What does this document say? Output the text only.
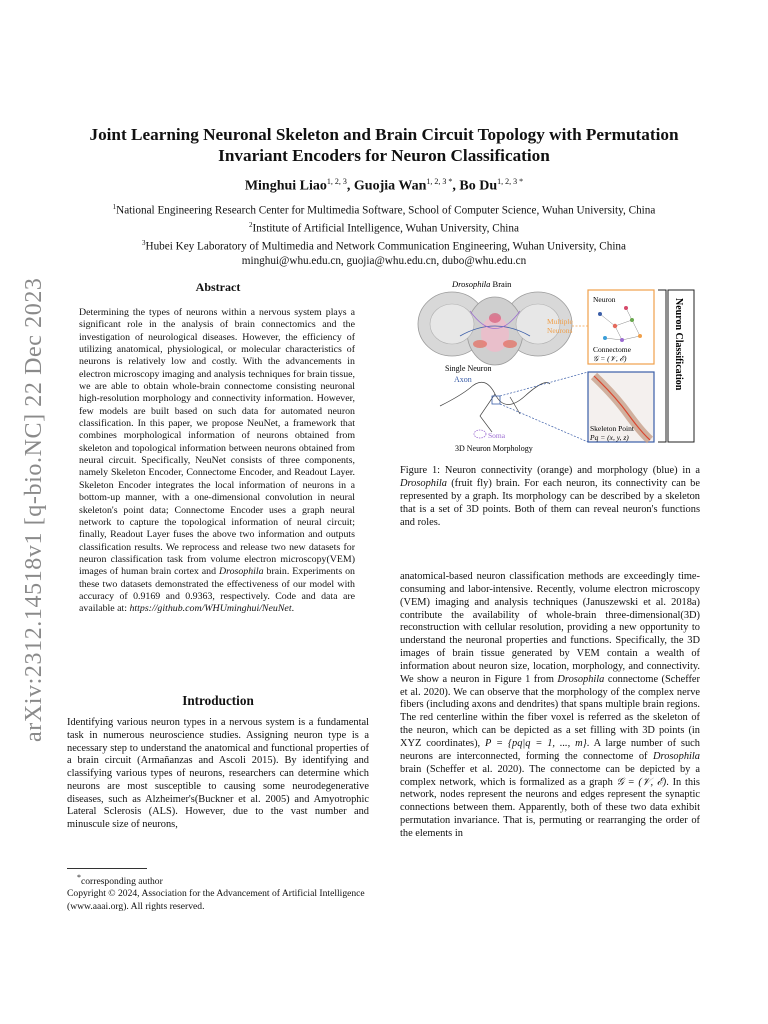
arXiv:2312.14518v1 [q-bio.NC] 22 Dec 2023
Joint Learning Neuronal Skeleton and Brain Circuit Topology with Permutation Invariant Encoders for Neuron Classification
Minghui Liao$^{1, 2, 3}$, Guojia Wan$^{1, 2, 3 *}$, Bo $Du^{1, 2, 3 *}$
$^1$National Engineering Research Center for Multimedia Software, School of Computer Science, Wuhan University, China
$^2$Institute of Artificial Intelligence, Wuhan University, China
$^3$Hubei Key Laboratory of Multimedia and Network Communication Engineering, Wuhan University, China
minghui@whu.edu.cn, guojia@whu.edu.cn, dubo@whu.edu.cn
Abstract
Determining the types of neurons within a nervous system plays a significant role in the analysis of brain connectomics and the investigation of neurological diseases. However, the efficiency of utilizing anatomical, physiological, or molecular characteristics of neurons is relatively low and costly. With the advancements in electron microscopy imaging and analysis techniques for brain tissue, we are able to obtain whole-brain connectome consisting neuronal high-resolution morphology and connectivity information. However, few models are built based on such data for automated neuron classification. In this paper, we propose NeuNet, a framework that combines morphological information of neurons obtained from skeleton and topological information between neurons obtained from neural circuit. Specifically, NeuNet consists of three components, namely Skeleton Encoder, Connectome Encoder, and Readout Layer. Skeleton Encoder integrates the local information of neurons in a bottom-up manner, with a one-dimensional convolution in neural skeleton's point data; Connectome Encoder uses a graph neural network to capture the topological information of neural circuit; finally, Readout Layer fuses the above two information and outputs classification results. We reprocess and release two new datasets for neuron classification task from volume electron microscopy(VEM) images of human brain cortex and Drosophila brain. Experiments on these two datasets demonstrated the effectiveness of our model with accuracy of 0.9169 and 0.9363, respectively. Code and data are available at: https://github.com/WHUminghui/NeuNet.
Introduction
Identifying various neuron types in a nervous system is a fundamental task in numerous neuroscience studies. Assigning neuron type is a necessary step to understand the anatomical and functional properties of a brain circuit (Armañanzas and Ascoli 2015). By identifying and classifying various types of neurons, researchers can determine which neurons are most susceptible to causing some neurodegenerative diseases, such as Alzheimer's(Buckner et al. 2005) and Amyotrophic Lateral Sclerosis (ALS). However, due to the vast number and minuscule size of neurons,
*corresponding author
Copyright © 2024, Association for the Advancement of Artificial Intelligence (www.aaai.org). All rights reserved.
Drosophila Brain
Neuron
Connectome
𝒢 = (𝒱, ℰ)
Multiple
Neurons
Single Neuron
Axon
Soma
3D Neuron Morphology
Skeleton Point
Pq = (x, y, z)
Neuron Classification
Figure 1: Neuron connectivity (orange) and morphology (blue) in a Drosophila (fruit fly) brain. For each neuron, its connectivity can be represented by a graph. Its morphology can be described by a skeleton that is a set of 3D points. Both of them can reveal neuron's functions and roles.
anatomical-based neuron classification methods are exceedingly time-consuming and labor-intensive. Recently, volume electron microscopy (VEM) imaging and analysis techniques (Januszewski et al. 2018a) contribute the availability of whole-brain three-dimensional(3D) reconstruction with cellular resolution, providing a new opportunity to understand the neuronal properties and functions. Specifically, the 3D images of brain tissue generated by VEM contain a wealth of information about neuron size, location, morphology, and connectivity. We show a neuron in Figure 1 from Drosophila connectome (Scheffer et al. 2020). We can observe that the morphology of the complex nerve fibers (including axons and dendrites) that spans multiple brain regions. The red centerline within the fiber voxel is referred as the skeleton of the neuron, which can be depicted as a set filling with 3D points (in XYZ coordinates), P = {pq|q = 1, ..., m}. A large number of such neurons are interconnected, forming the connectome of Drosophila brain (Scheffer et al. 2020). The connectome can be depicted by a complex network, which is formalized as a graph 𝒢 = (𝒱, ℰ). In this network, nodes represent the neurons and edges represent the synaptic connections between them. Apparently, both of these two data exhibit permutation invariance. That is, permuting or rearranging the order of the elements in
